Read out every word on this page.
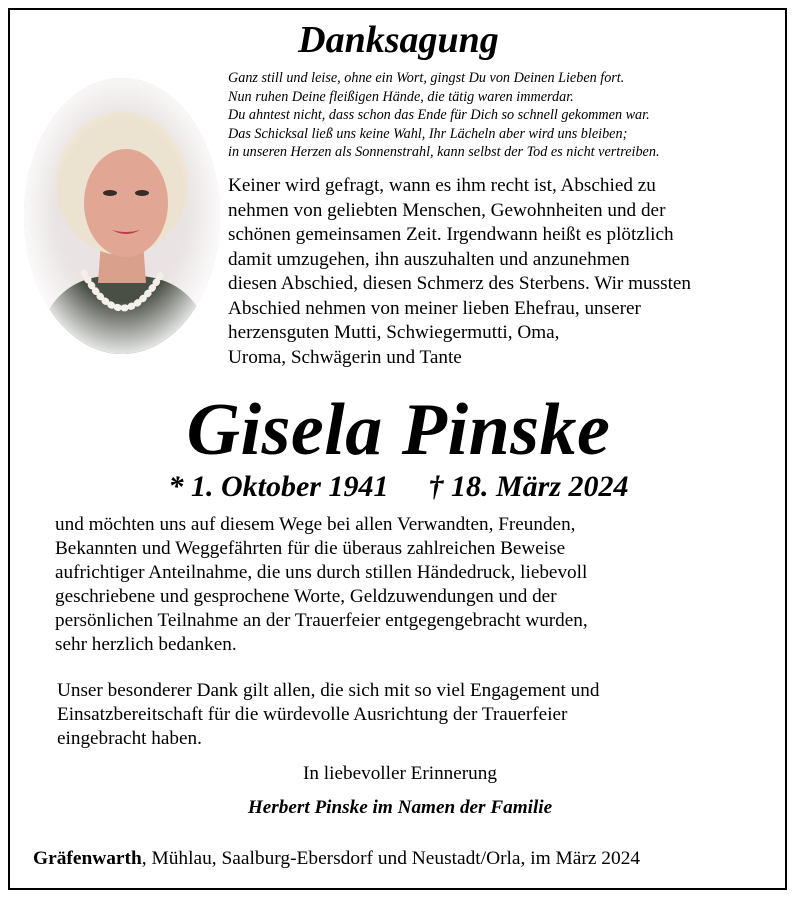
Danksagung
Ganz still und leise, ohne ein Wort, gingst Du von Deinen Lieben fort.
Nun ruhen Deine fleißigen Hände, die tätig waren immerdar.
Du ahntest nicht, dass schon das Ende für Dich so schnell gekommen war.
Das Schicksal ließ uns keine Wahl, Ihr Lächeln aber wird uns bleiben;
in unseren Herzen als Sonnenstrahl, kann selbst der Tod es nicht vertreiben.
Keiner wird gefragt, wann es ihm recht ist, Abschied zu
nehmen von geliebten Menschen, Gewohnheiten und der
schönen gemeinsamen Zeit. Irgendwann heißt es plötzlich
damit umzugehen, ihn auszuhalten und anzunehmen
diesen Abschied, diesen Schmerz des Sterbens. Wir mussten
Abschied nehmen von meiner lieben Ehefrau, unserer
herzensguten Mutti, Schwiegermutti, Oma,
Uroma, Schwägerin und Tante
Gisela Pinske
* 1. Oktober 1941 † 18. März 2024
und möchten uns auf diesem Wege bei allen Verwandten, Freunden,
Bekannten und Weggefährten für die überaus zahlreichen Beweise
aufrichtiger Anteilnahme, die uns durch stillen Händedruck, liebevoll
geschriebene und gesprochene Worte, Geldzuwendungen und der
persönlichen Teilnahme an der Trauerfeier entgegengebracht wurden,
sehr herzlich bedanken.
Unser besonderer Dank gilt allen, die sich mit so viel Engagement und
Einsatzbereitschaft für die würdevolle Ausrichtung der Trauerfeier
eingebracht haben.
In liebevoller Erinnerung
Herbert Pinske im Namen der Familie
Gräfenwarth, Mühlau, Saalburg-Ebersdorf und Neustadt/Orla, im März 2024
